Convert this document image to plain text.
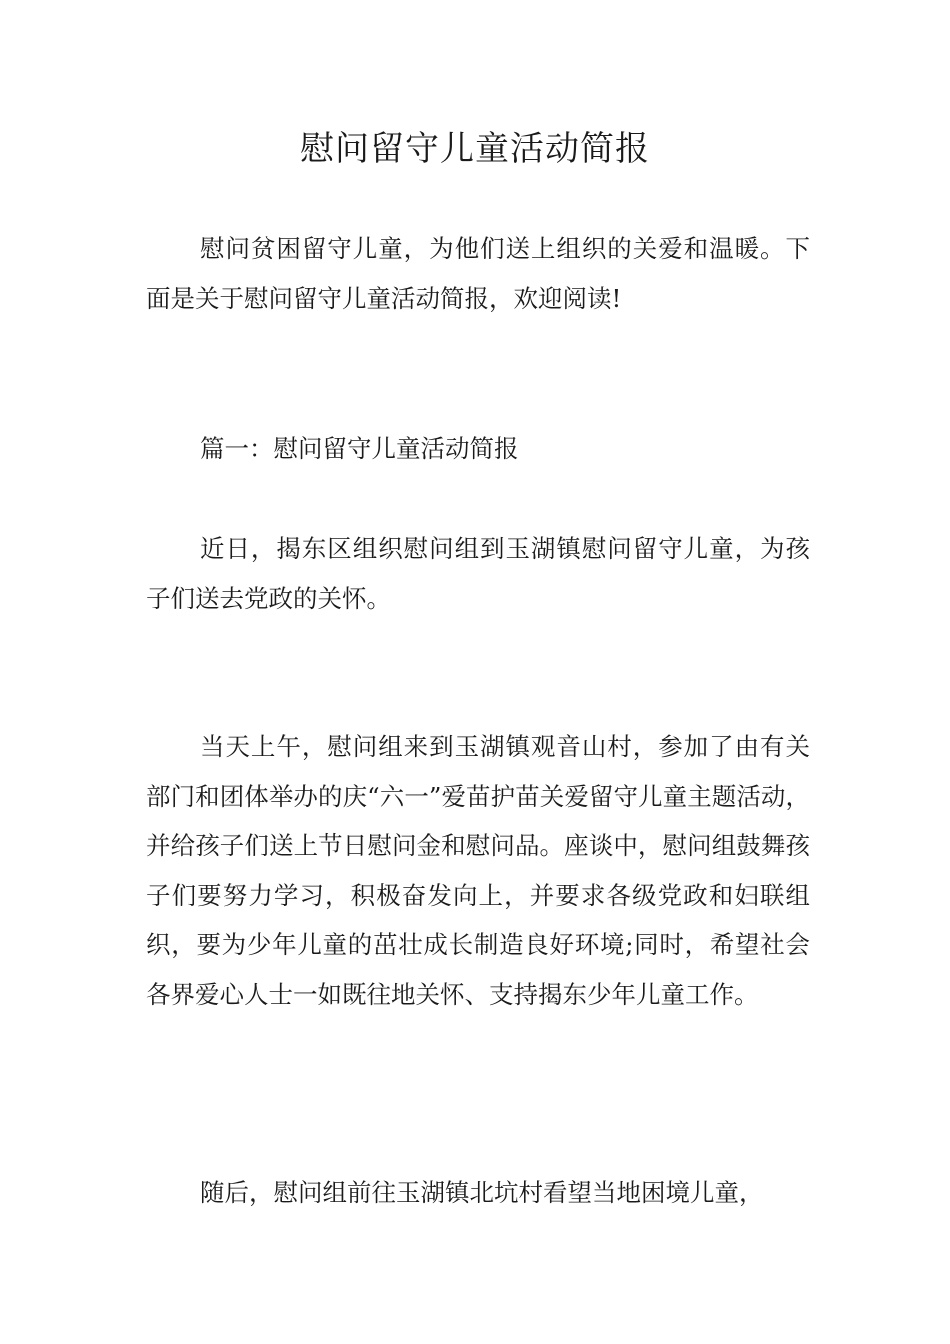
慰问留守儿童活动简报

慰问贫困留守儿童，为他们送上组织的关爱和温暖。下面是关于慰问留守儿童活动简报，欢迎阅读!

篇一：慰问留守儿童活动简报

近日，揭东区组织慰问组到玉湖镇慰问留守儿童，为孩子们送去党政的关怀。

当天上午，慰问组来到玉湖镇观音山村，参加了由有关部门和团体举办的庆“六一”爱苗护苗关爱留守儿童主题活动，并给孩子们送上节日慰问金和慰问品。座谈中，慰问组鼓舞孩子们要努力学习，积极奋发向上，并要求各级党政和妇联组织，要为少年儿童的茁壮成长制造良好环境;同时，希望社会各界爱心人士一如既往地关怀、支持揭东少年儿童工作。

随后，慰问组前往玉湖镇北坑村看望当地困境儿童，
